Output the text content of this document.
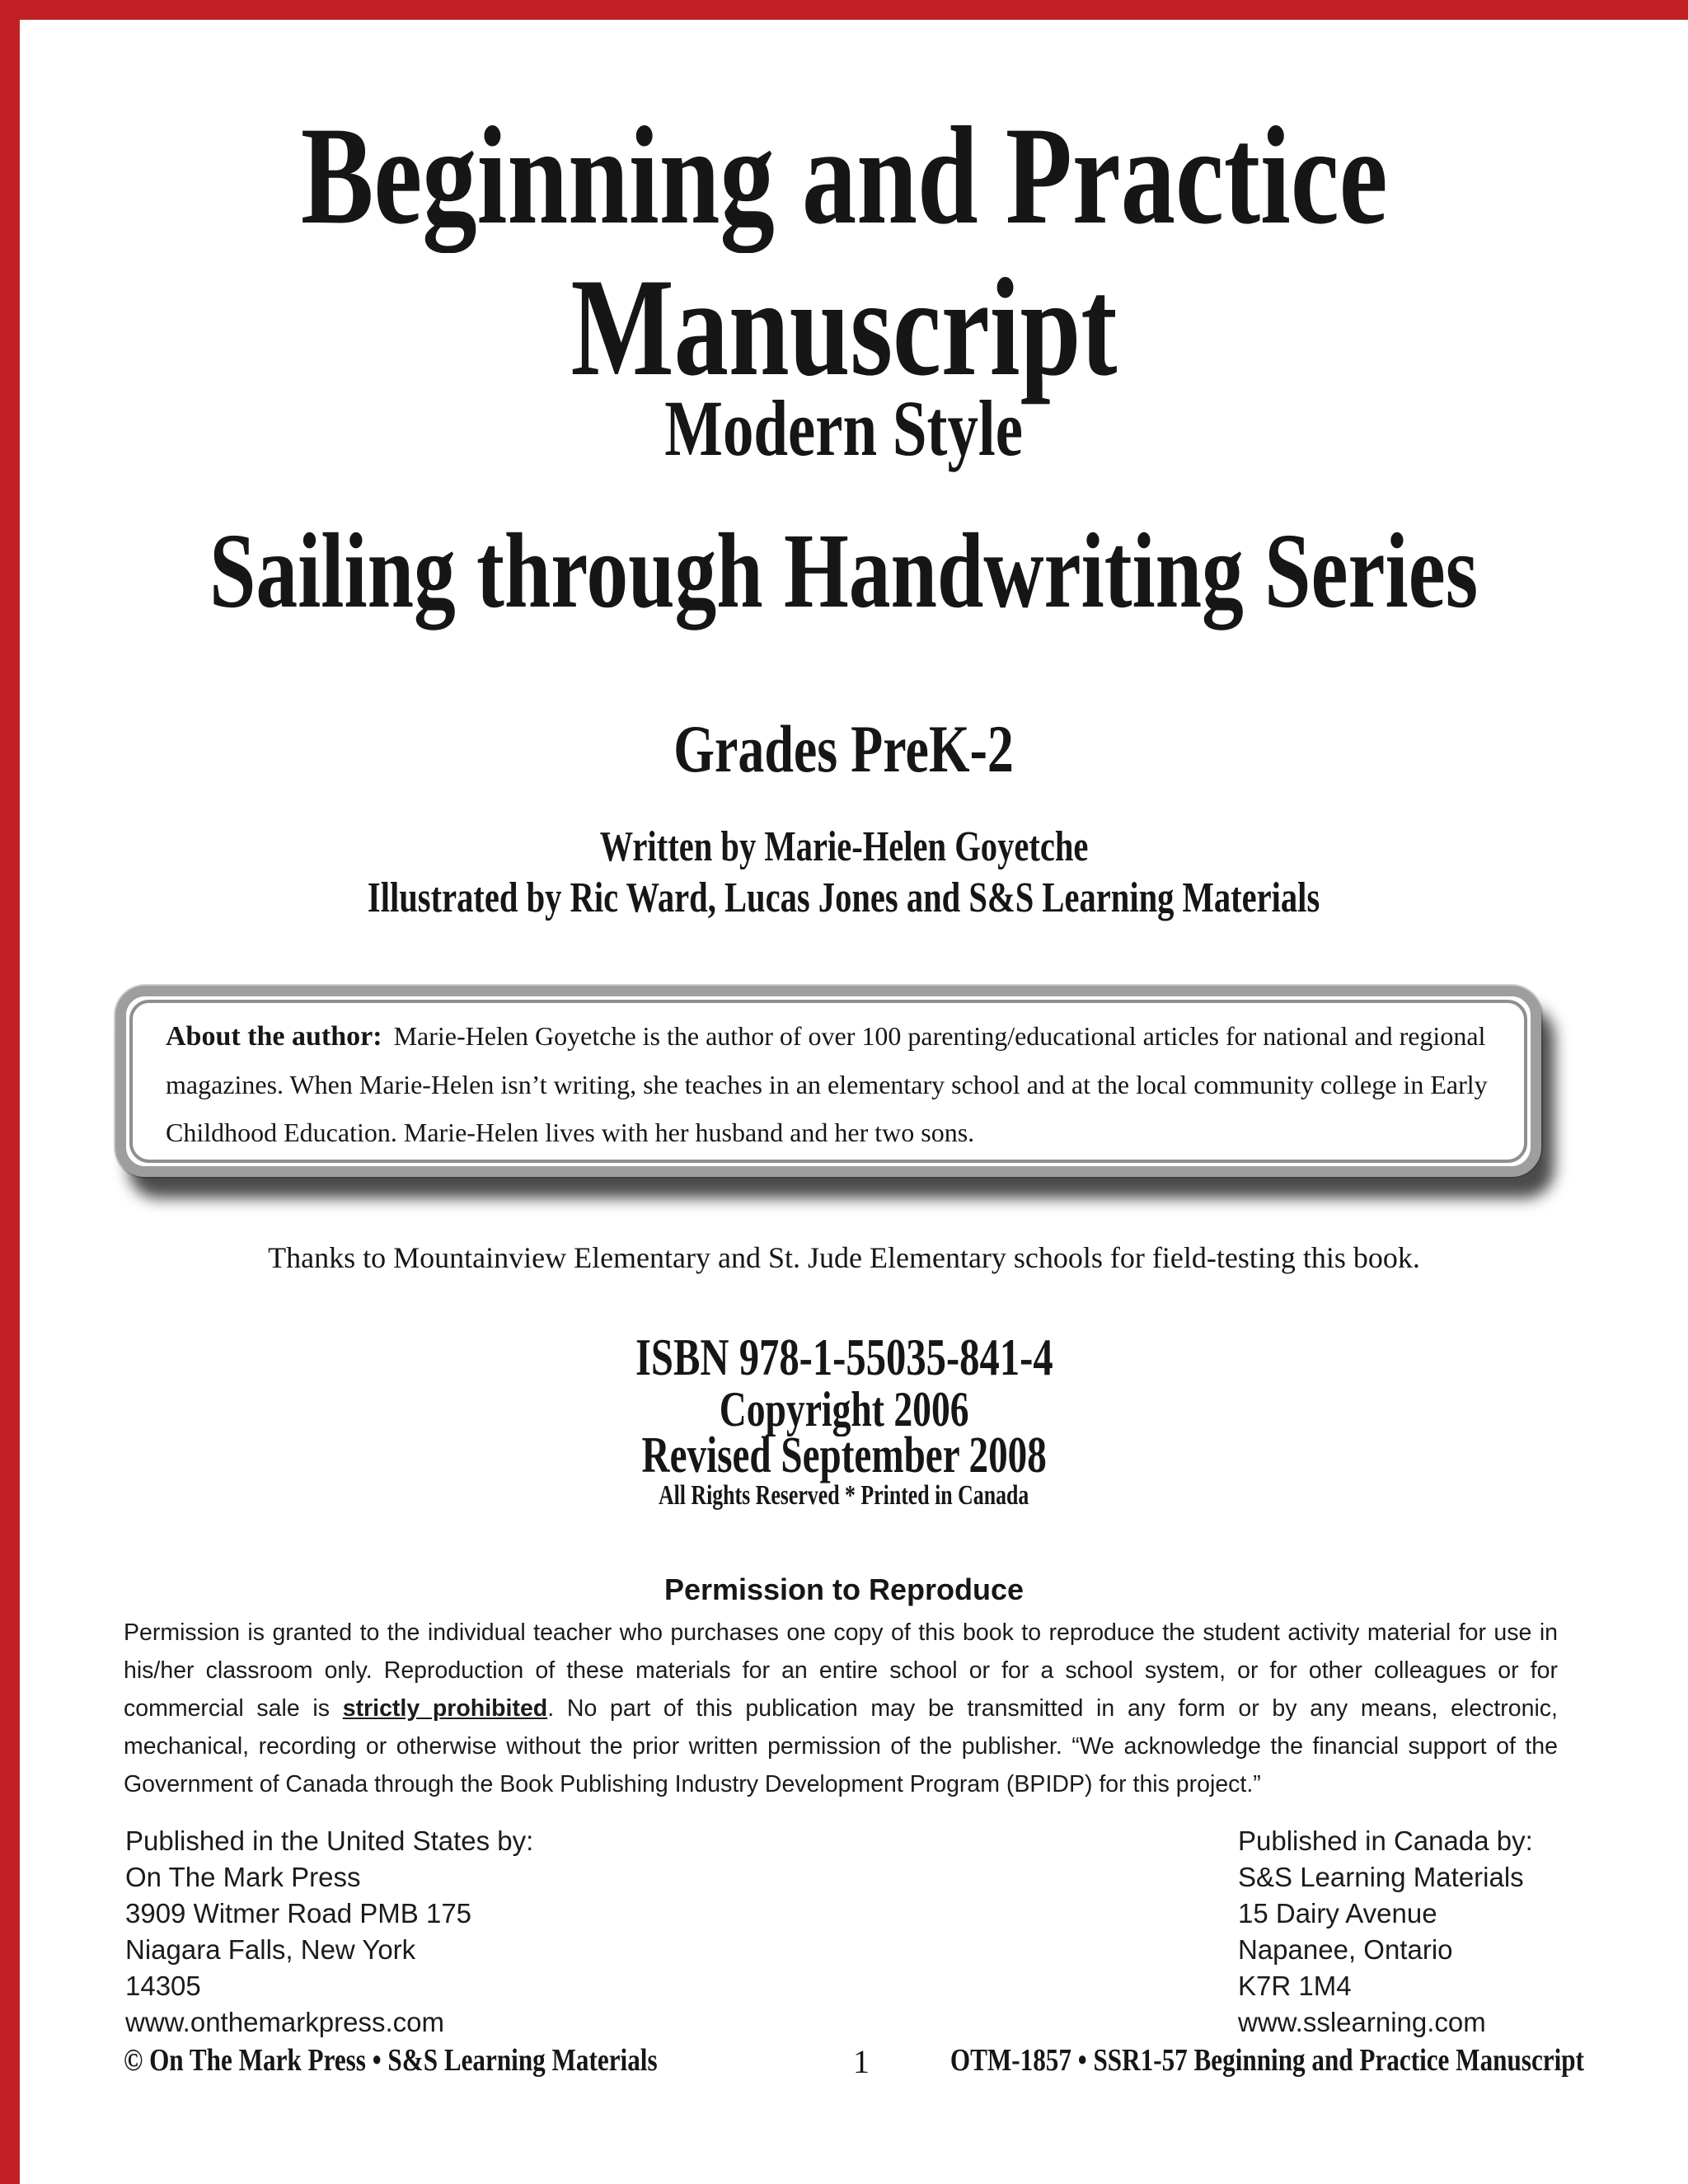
Beginning and Practice
Manuscript
Modern Style
Sailing through Handwriting Series
Grades PreK-2
Written by Marie-Helen Goyetche
Illustrated by Ric Ward, Lucas Jones and S&S Learning Materials

About the author: Marie-Helen Goyetche is the author of over 100 parenting/educational articles for national and regional magazines. When Marie-Helen isn’t writing, she teaches in an elementary school and at the local community college in Early Childhood Education. Marie-Helen lives with her husband and her two sons.

Thanks to Mountainview Elementary and St. Jude Elementary schools for field-testing this book.
ISBN 978-1-55035-841-4
Copyright 2006
Revised September 2008
All Rights Reserved * Printed in Canada
Permission to Reproduce
Permission is granted to the individual teacher who purchases one copy of this book to reproduce the student activity material for use in his/her classroom only. Reproduction of these materials for an entire school or for a school system, or for other colleagues or for commercial sale is strictly prohibited. No part of this publication may be transmitted in any form or by any means, electronic, mechanical, recording or otherwise without the prior written permission of the publisher. “We acknowledge the financial support of the Government of Canada through the Book Publishing Industry Development Program (BPIDP) for this project.”
Published in the United States by:
On The Mark Press
3909 Witmer Road PMB 175
Niagara Falls, New York
14305
www.onthemarkpress.com
Published in Canada by:
S&S Learning Materials
15 Dairy Avenue
Napanee, Ontario
K7R 1M4
www.sslearning.com
© On The Mark Press • S&S Learning Materials	1	OTM-1857 • SSR1-57 Beginning and Practice Manuscript
